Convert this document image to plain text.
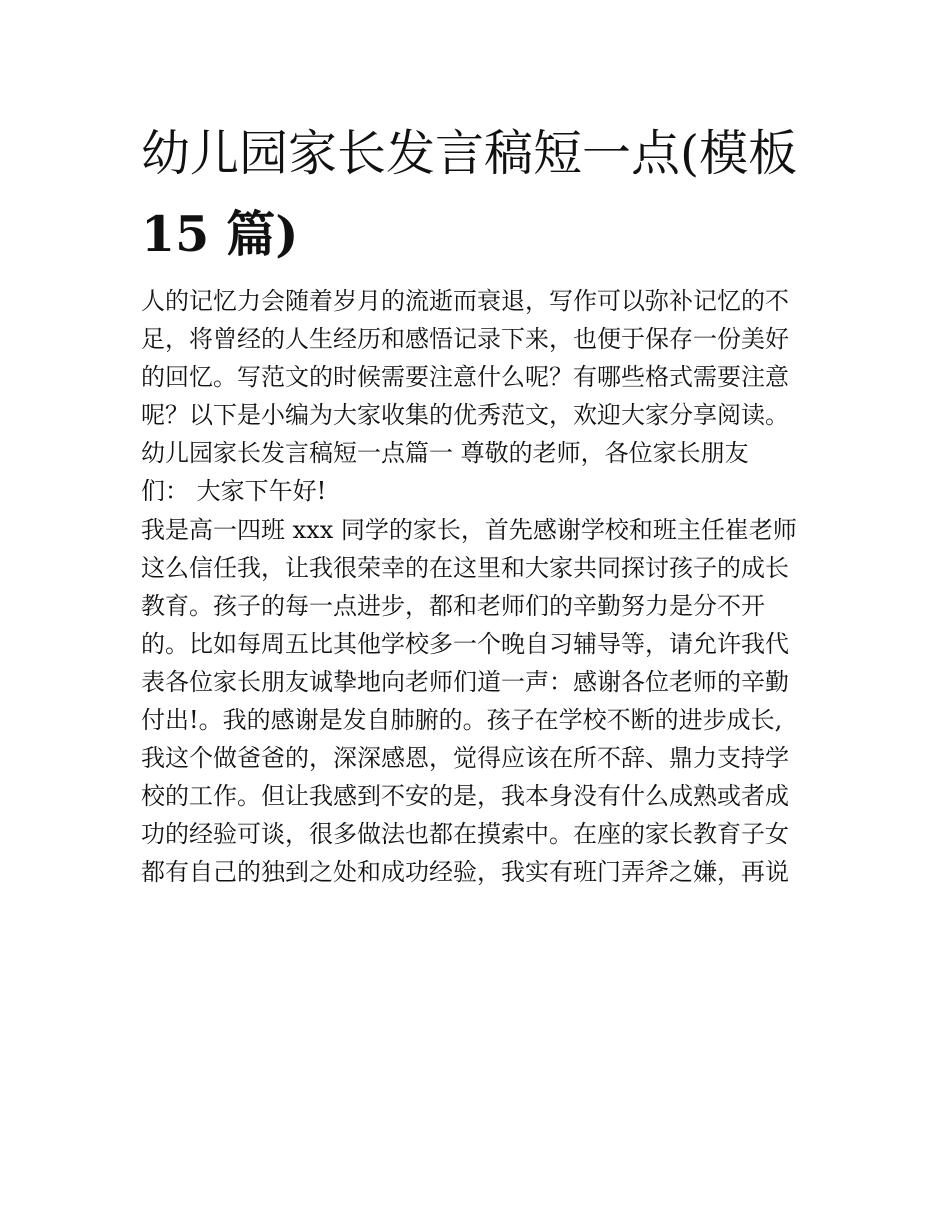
幼儿园家长发言稿短一点(模板
15 篇)
人的记忆力会随着岁月的流逝而衰退，写作可以弥补记忆的不
足，将曾经的人生经历和感悟记录下来，也便于保存一份美好
的回忆。写范文的时候需要注意什么呢？有哪些格式需要注意
呢？以下是小编为大家收集的优秀范文，欢迎大家分享阅读。
幼儿园家长发言稿短一点篇一 尊敬的老师，各位家长朋友
们： 大家下午好!
我是高一四班 xxx 同学的家长，首先感谢学校和班主任崔老师
这么信任我，让我很荣幸的在这里和大家共同探讨孩子的成长
教育。孩子的每一点进步，都和老师们的辛勤努力是分不开
的。比如每周五比其他学校多一个晚自习辅导等，请允许我代
表各位家长朋友诚挚地向老师们道一声：感谢各位老师的辛勤
付出!。我的感谢是发自肺腑的。孩子在学校不断的进步成长,
我这个做爸爸的，深深感恩，觉得应该在所不辞、鼎力支持学
校的工作。但让我感到不安的是，我本身没有什么成熟或者成
功的经验可谈，很多做法也都在摸索中。在座的家长教育子女
都有自己的独到之处和成功经验，我实有班门弄斧之嫌，再说
